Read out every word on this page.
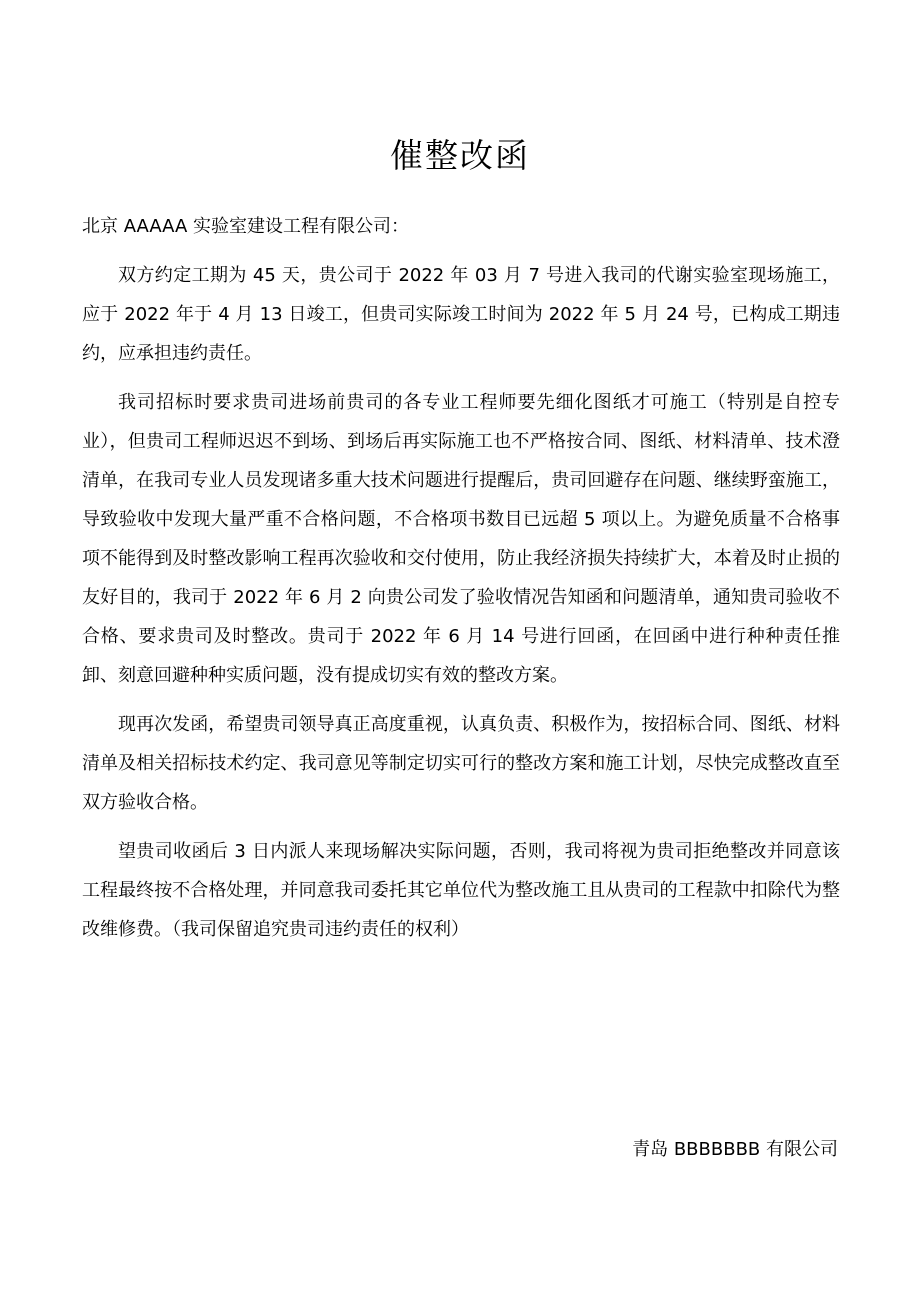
催整改函

北京 AAAAA 实验室建设工程有限公司：

双方约定工期为 45 天，贵公司于 2022 年 03 月 7 号进入我司的代谢实验室现场施工，应于 2022 年于 4 月 13 日竣工，但贵司实际竣工时间为 2022 年 5 月 24 号，已构成工期违约，应承担违约责任。

我司招标时要求贵司进场前贵司的各专业工程师要先细化图纸才可施工（特别是自控专业），但贵司工程师迟迟不到场、到场后再实际施工也不严格按合同、图纸、材料清单、技术澄清单，在我司专业人员发现诸多重大技术问题进行提醒后，贵司回避存在问题、继续野蛮施工，导致验收中发现大量严重不合格问题，不合格项书数目已远超 5 项以上。为避免质量不合格事项不能得到及时整改影响工程再次验收和交付使用，防止我经济损失持续扩大，本着及时止损的友好目的，我司于 2022 年 6 月 2 向贵公司发了验收情况告知函和问题清单，通知贵司验收不合格、要求贵司及时整改。贵司于 2022 年 6 月 14 号进行回函，在回函中进行种种责任推卸、刻意回避种种实质问题，没有提成切实有效的整改方案。

现再次发函，希望贵司领导真正高度重视，认真负责、积极作为，按招标合同、图纸、材料清单及相关招标技术约定、我司意见等制定切实可行的整改方案和施工计划，尽快完成整改直至双方验收合格。

望贵司收函后 3 日内派人来现场解决实际问题，否则，我司将视为贵司拒绝整改并同意该工程最终按不合格处理，并同意我司委托其它单位代为整改施工且从贵司的工程款中扣除代为整改维修费。（我司保留追究贵司违约责任的权利）

青岛 BBBBBBB 有限公司
